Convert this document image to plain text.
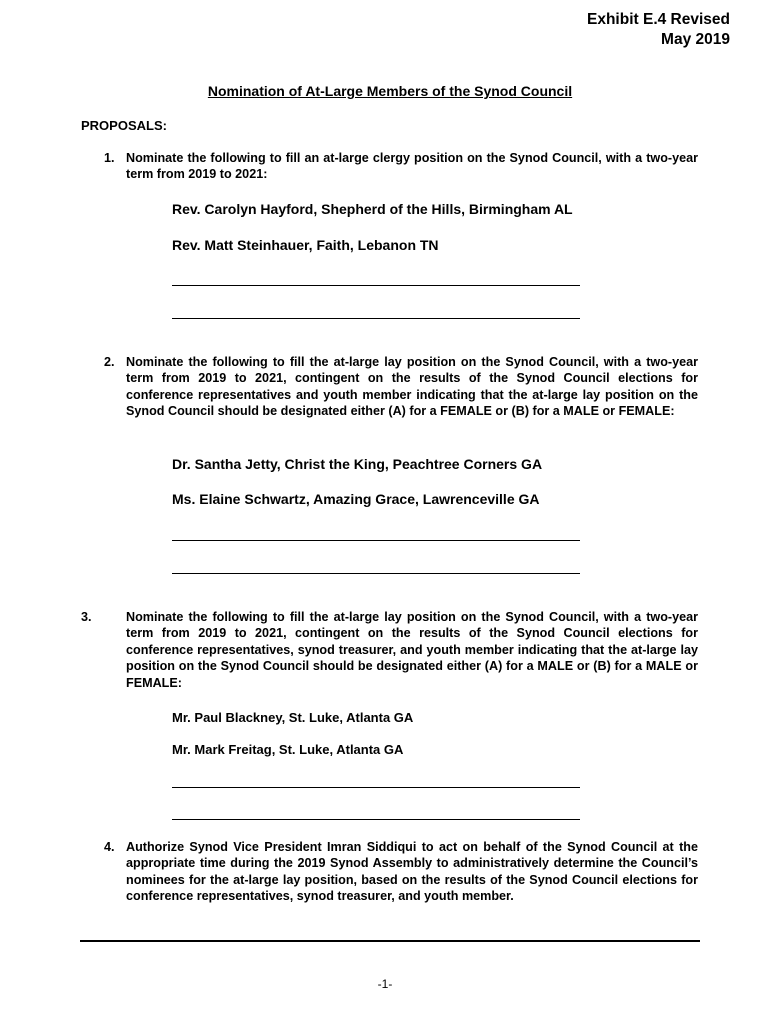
Exhibit E.4 Revised
May 2019
Nomination of At-Large Members of the Synod Council
PROPOSALS:
1. Nominate the following to fill an at-large clergy position on the Synod Council, with a two-year term from 2019 to 2021:
Rev. Carolyn Hayford, Shepherd of the Hills, Birmingham AL
Rev. Matt Steinhauer, Faith, Lebanon TN
2. Nominate the following to fill the at-large lay position on the Synod Council, with a two-year term from 2019 to 2021, contingent on the results of the Synod Council elections for conference representatives and youth member indicating that the at-large lay position on the Synod Council should be designated either (A) for a FEMALE or (B) for a MALE or FEMALE:
Dr. Santha Jetty, Christ the King, Peachtree Corners GA
Ms. Elaine Schwartz, Amazing Grace, Lawrenceville GA
3.	Nominate the following to fill the at-large lay position on the Synod Council, with a two-year term from 2019 to 2021, contingent on the results of the Synod Council elections for conference representatives, synod treasurer, and youth member indicating that the at-large lay position on the Synod Council should be designated either (A) for a MALE or (B) for a MALE or FEMALE:
Mr. Paul Blackney, St. Luke, Atlanta GA
Mr. Mark Freitag, St. Luke, Atlanta GA
4. Authorize Synod Vice President Imran Siddiqui to act on behalf of the Synod Council at the appropriate time during the 2019 Synod Assembly to administratively determine the Council’s nominees for the at-large lay position, based on the results of the Synod Council elections for conference representatives, synod treasurer, and youth member.
-1-
